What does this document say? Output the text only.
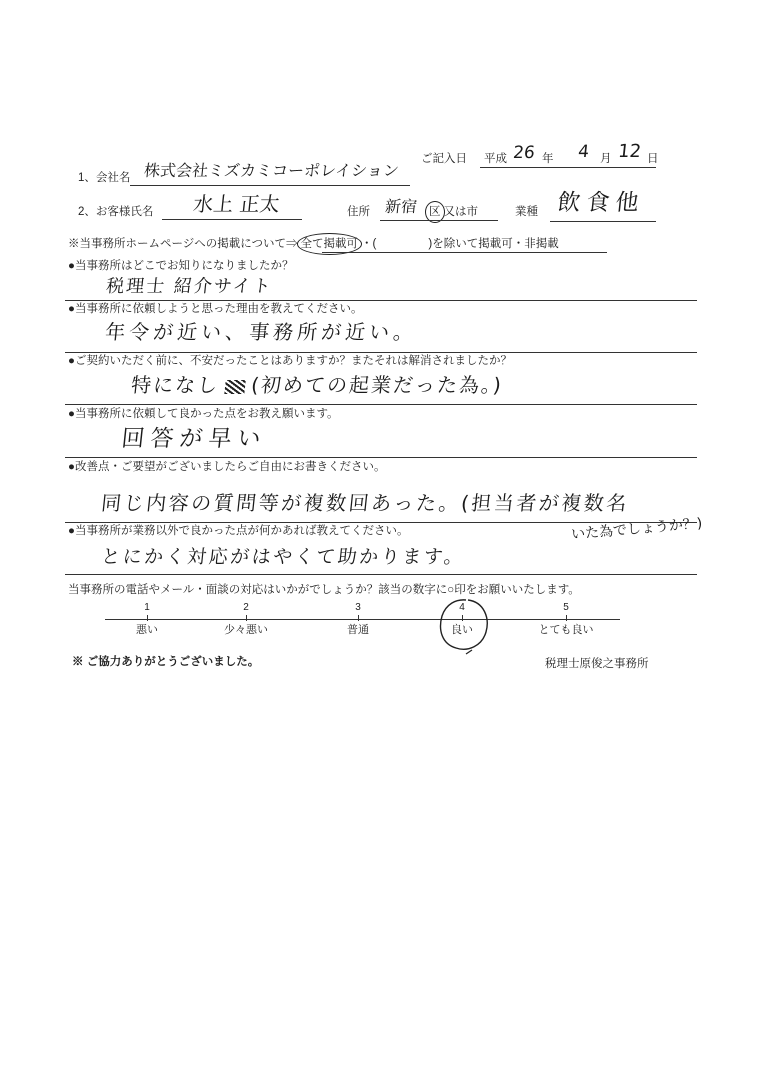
ご記入日 平成 26 年 4 月 12 日
1、会社名 株式会社ミズカミコーポレイション
2、お客様氏名 水上 正太	住所 新宿 区 又は市	業種 飲食他
※当事務所ホームページへの掲載について⇒ 全て掲載可 ・(	)を除いて掲載可・非掲載
●当事務所はどこでお知りになりましたか？
税理士 紹介サイト
●当事務所に依頼しようと思った理由を教えてください。
年令が近い、事務所が近い。
●ご契約いただく前に、不安だったことはありますか？またそれは解消されましたか？
特になし (初めての起業だった為。)
●当事務所に依頼して良かった点をお教え願います。
回答が早い
●改善点・ご要望がございましたらご自由にお書きください。
同じ内容の質問等が複数回あった。(担当者が複数名
いた為でしょうか？)
●当事務所が業務以外で良かった点が何かあれば教えてください。
とにかく対応がはやくて助かります。
当事務所の電話やメール・面談の対応はいかがでしょうか？該当の数字に○印をお願いいたします。
1
悪い
2
少々悪い
3
普通
4
良い
5
とても良い
※ ご協力ありがとうございました。	税理士原俊之事務所
